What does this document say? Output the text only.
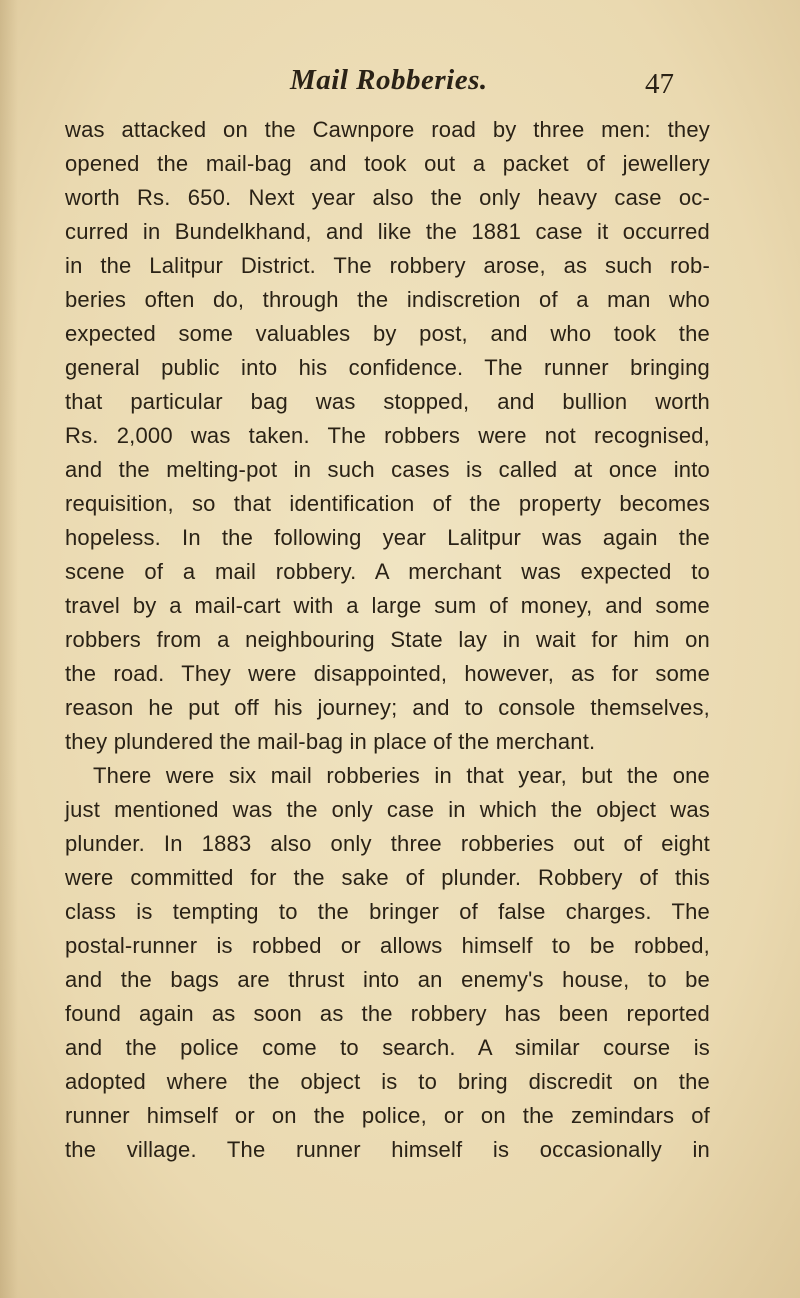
Mail Robberies.	47
was attacked on the Cawnpore road by three men: they
opened the mail-bag and took out a packet of jewellery
worth Rs. 650. Next year also the only heavy case oc-
curred in Bundelkhand, and like the 1881 case it occurred
in the Lalitpur District. The robbery arose, as such rob-
beries often do, through the indiscretion of a man who
expected some valuables by post, and who took the
general public into his confidence. The runner bringing
that particular bag was stopped, and bullion worth
Rs. 2,000 was taken. The robbers were not recognised,
and the melting-pot in such cases is called at once into
requisition, so that identification of the property becomes
hopeless. In the following year Lalitpur was again the
scene of a mail robbery. A merchant was expected to
travel by a mail-cart with a large sum of money, and some
robbers from a neighbouring State lay in wait for him on
the road. They were disappointed, however, as for some
reason he put off his journey; and to console themselves,
they plundered the mail-bag in place of the merchant.
There were six mail robberies in that year, but the one
just mentioned was the only case in which the object was
plunder. In 1883 also only three robberies out of eight
were committed for the sake of plunder. Robbery of this
class is tempting to the bringer of false charges. The
postal-runner is robbed or allows himself to be robbed,
and the bags are thrust into an enemy's house, to be
found again as soon as the robbery has been reported
and the police come to search. A similar course is
adopted where the object is to bring discredit on the
runner himself or on the police, or on the zemindars of
the village. The runner himself is occasionally in
